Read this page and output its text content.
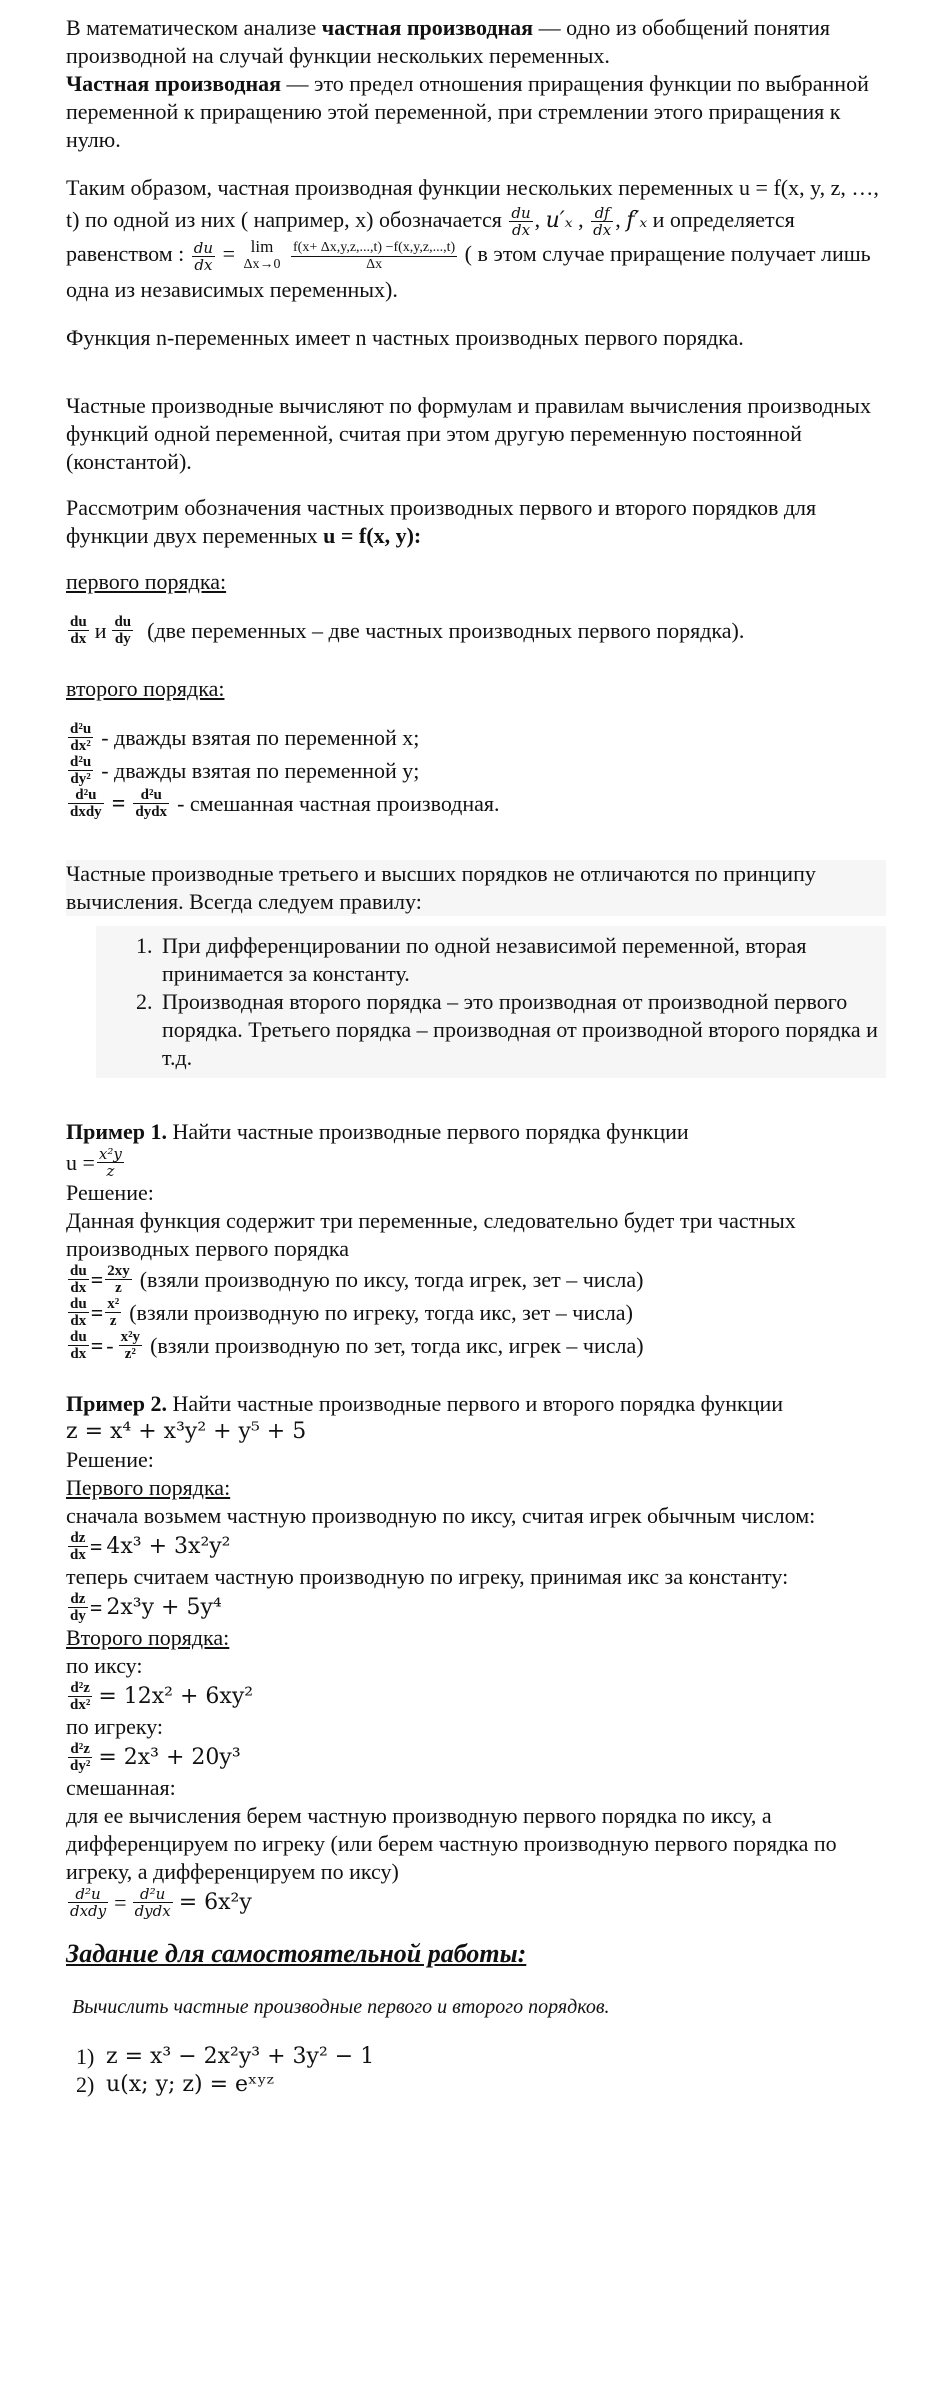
В математическом анализе частная производная — одно из обобщений понятия производной на случай функции нескольких переменных.

Частная производная — это предел отношения приращения функции по выбранной переменной к приращению этой переменной, при стремлении этого приращения к нулю.

Таким образом, частная производная функции нескольких переменных u = f(x, y, z, …, t) по одной из них ( например, x) обозначается $\frac{du}{dx}$ , u′ₓ , $\frac{df}{dx}$ , f′ₓ и определяется равенством : $\frac{du}{dx} = \lim$
Δx→0
$\frac{f(x+ \Delta x,y,z,...,t) -f(x,y,z,...,t)}{\Delta x}$ ( в этом случае приращение получает лишь одна из независимых переменных).

Функция n-переменных имеет n частных производных первого порядка.

Частные производные вычисляют по формулам и правилам вычисления производных функций одной переменной, считая при этом другую переменную постоянной (константой).

Рассмотрим обозначения частных производных первого и второго порядков для функции двух переменных u = f(x, y):

первого порядка:

$\frac{du}{dx}$ и $\frac{du}{dy} (две$ переменных – две частных производных первого порядка).

второго порядка:

$\frac{\text{d²u}}{\text{dx²}}$ - дважды взятая по переменной x;
$\frac{\text{d²u}}{\text{dy²}}$ - дважды взятая по переменной y;
$\frac{\text{d²u}}{\text{dxdy}} = \frac{\text{d²u}}{\text{dydx}}$ - смешанная частная производная.

Частные производные третьего и высших порядков не отличаются по принципу вычисления. Всегда следуем правилу:

1. При дифференцировании по одной независимой переменной, вторая принимается за константу.
2. Производная второго порядка – это производная от производной первого порядка. Третьего порядка – производная от производной второго порядка и т.д.

Пример 1. Найти частные производные первого порядка функции

$u = \frac{\text{x²y}}{z}$

Решение:

Данная функция содержит три переменные, следовательно будет три частных производных первого порядка

$\frac{du}{dx} = \frac{2xy}{z}$ (взяли производную по иксу, тогда игрек, зет – числа)
$\frac{du}{dx} = \frac{\text{x²}}{z}$ (взяли производную по игреку, тогда икс, зет – числа)
$\frac{du}{dx}$ = - $\frac{\text{x²y}}{\text{z²}}$ (взяли производную по зет, тогда икс, игрек – числа)

Пример 2. Найти частные производные первого и второго порядка функции

z = x⁴ + x³y² + y⁵ + 5

Решение:

Первого порядка:

сначала возьмем частную производную по иксу, считая игрек обычным числом:

$\frac{dz}{dx} = 4x^3 + 3x^2y^2$

теперь считаем частную производную по игреку, принимая икс за константу:

$\frac{dz}{dy} = 2x^3y + 5y^4$

Второго порядка:

по иксу:

$\frac{\text{d²z}}{\text{dx²}} = 12x^2 + 6xy^2$

по игреку:

$\frac{\text{d²z}}{\text{dy²}} = 2x^3 + 20y^3$

смешанная:

для ее вычисления берем частную производную первого порядка по иксу, а дифференцируем по игреку (или берем частную производную первого порядка по игреку, а дифференцируем по иксу)

$\frac{\text{d²u}}{\text{dxdy}} = \frac{\text{d²u}}{\text{dydx}} = 6x^2y$

Задание для самостоятельной работы:

Вычислить частные производные первого и второго порядков.

1) z = x³ − 2x²y³ + 3y² − 1
2) u(x; y; z) = eˣʸᶻ
